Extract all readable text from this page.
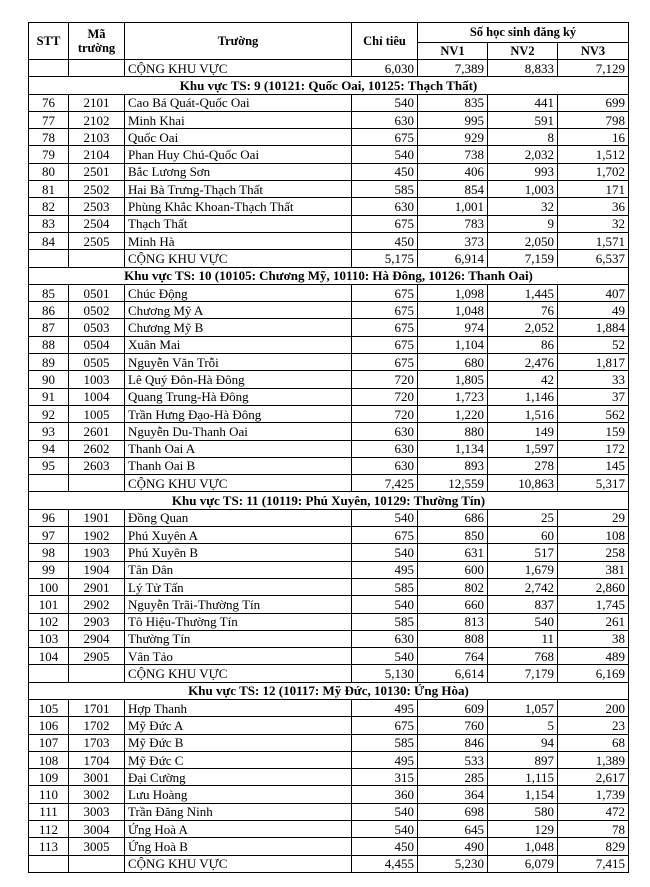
STT	Mã trường	Trường	Chỉ tiêu	Số học sinh đăng ký		
				NV1	NV2	NV3
		CỘNG KHU VỰC	6,030	7,389	8,833	7,129
Khu vực TS: 9 (10121: Quốc Oai, 10125: Thạch Thất)						
76	2101	Cao Bá Quát-Quốc Oai	540	835	441	699
77	2102	Minh Khai	630	995	591	798
78	2103	Quốc Oai	675	929	8	16
79	2104	Phan Huy Chú-Quốc Oai	540	738	2,032	1,512
80	2501	Bắc Lương Sơn	450	406	993	1,702
81	2502	Hai Bà Trưng-Thạch Thất	585	854	1,003	171
82	2503	Phùng Khắc Khoan-Thạch Thất	630	1,001	32	36
83	2504	Thạch Thất	675	783	9	32
84	2505	Minh Hà	450	373	2,050	1,571
		CỘNG KHU VỰC	5,175	6,914	7,159	6,537
Khu vực TS: 10 (10105: Chương Mỹ, 10110: Hà Đông, 10126: Thanh Oai)						
85	0501	Chúc Động	675	1,098	1,445	407
86	0502	Chương Mỹ A	675	1,048	76	49
87	0503	Chương Mỹ B	675	974	2,052	1,884
88	0504	Xuân Mai	675	1,104	86	52
89	0505	Nguyễn Văn Trỗi	675	680	2,476	1,817
90	1003	Lê Quý Đôn-Hà Đông	720	1,805	42	33
91	1004	Quang Trung-Hà Đông	720	1,723	1,146	37
92	1005	Trần Hưng Đạo-Hà Đông	720	1,220	1,516	562
93	2601	Nguyễn Du-Thanh Oai	630	880	149	159
94	2602	Thanh Oai A	630	1,134	1,597	172
95	2603	Thanh Oai B	630	893	278	145
		CỘNG KHU VỰC	7,425	12,559	10,863	5,317
Khu vực TS: 11 (10119: Phú Xuyên, 10129: Thường Tín)						
96	1901	Đồng Quan	540	686	25	29
97	1902	Phú Xuyên A	675	850	60	108
98	1903	Phú Xuyên B	540	631	517	258
99	1904	Tân Dân	495	600	1,679	381
100	2901	Lý Tử Tấn	585	802	2,742	2,860
101	2902	Nguyễn Trãi-Thường Tín	540	660	837	1,745
102	2903	Tô Hiệu-Thường Tín	585	813	540	261
103	2904	Thường Tín	630	808	11	38
104	2905	Vân Tảo	540	764	768	489
		CỘNG KHU VỰC	5,130	6,614	7,179	6,169
Khu vực TS: 12 (10117: Mỹ Đức, 10130: Ứng Hòa)						
105	1701	Hợp Thanh	495	609	1,057	200
106	1702	Mỹ Đức A	675	760	5	23
107	1703	Mỹ Đức B	585	846	94	68
108	1704	Mỹ Đức C	495	533	897	1,389
109	3001	Đại Cường	315	285	1,115	2,617
110	3002	Lưu Hoàng	360	364	1,154	1,739
111	3003	Trần Đăng Ninh	540	698	580	472
112	3004	Ứng Hoà A	540	645	129	78
113	3005	Ứng Hoà B	450	490	1,048	829
		CỘNG KHU VỰC	4,455	5,230	6,079	7,415
